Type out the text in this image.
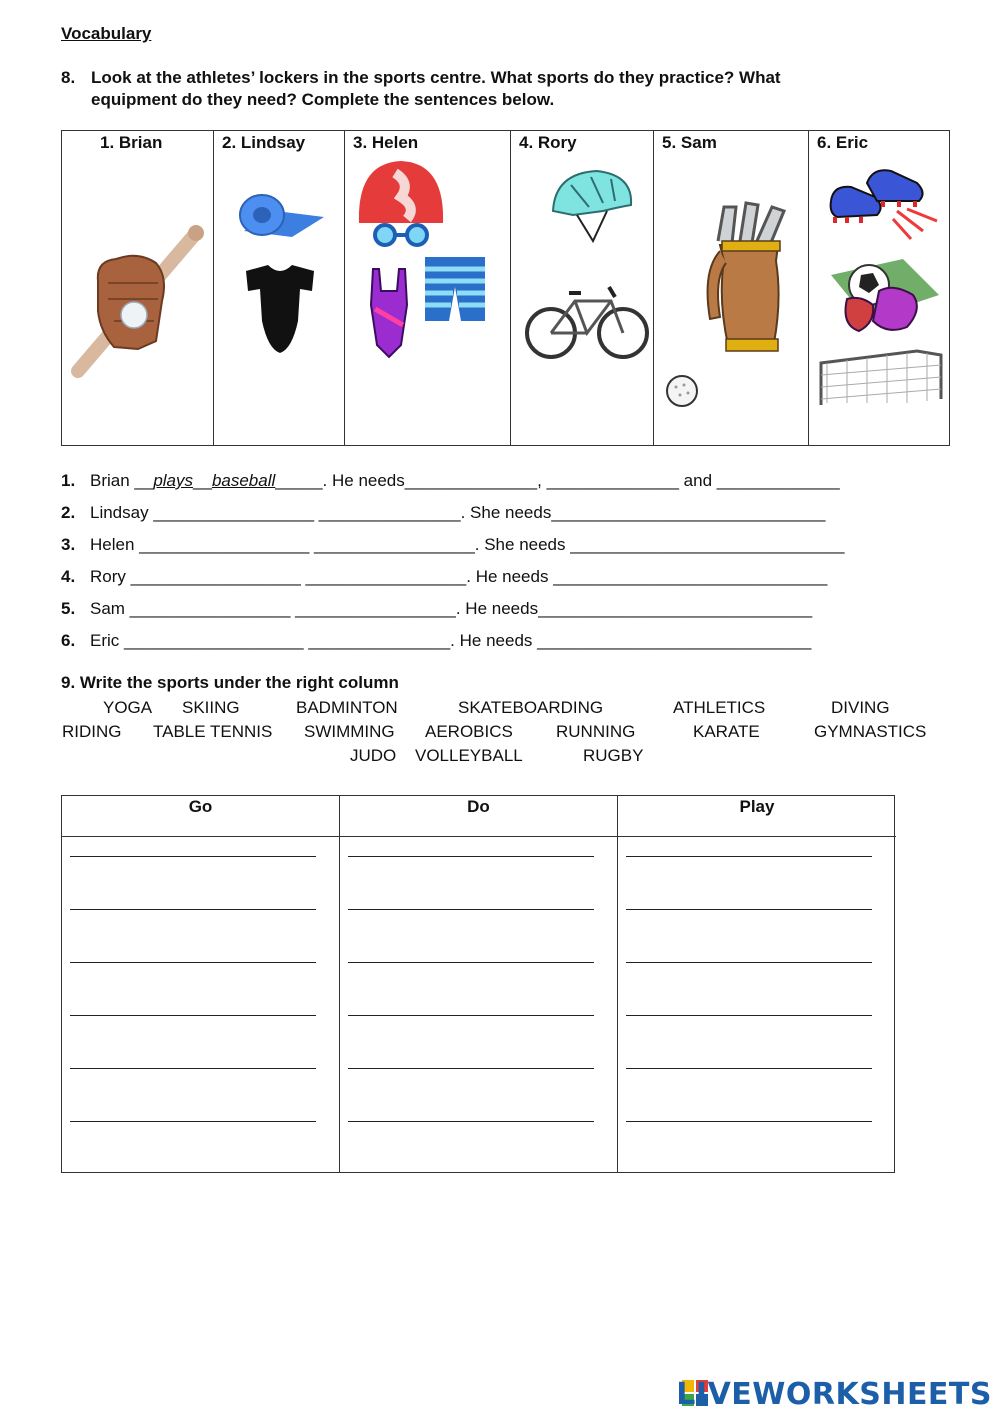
Vocabulary
8. Look at the athletes’ lockers in the sports centre. What sports do they practice? What
equipment do they need? Complete the sentences below.
1. Brian	2. Lindsay	3. Helen	4. Rory	5. Sam	6. Eric
1. Brian __plays__baseball_____. He needs______________, ______________ and _____________
2. Lindsay _________________ _______________. She needs_____________________________
3. Helen __________________ _________________. She needs _____________________________
4. Rory __________________ _________________. He needs _____________________________
5. Sam _________________ _________________. He needs_____________________________
6. Eric ___________________ _______________. He needs _____________________________
9. Write the sports under the right column
YOGA SKIING	BADMINTON	SKATEBOARDING	ATHLETICS	DIVING
RIDING TABLE TENNIS SWIMMING AEROBICS	RUNNING	KARATE	GYMNASTICS
JUDO VOLLEYBALL	RUGBY
Go	Do	Play
LIVEWORKSHEETS
